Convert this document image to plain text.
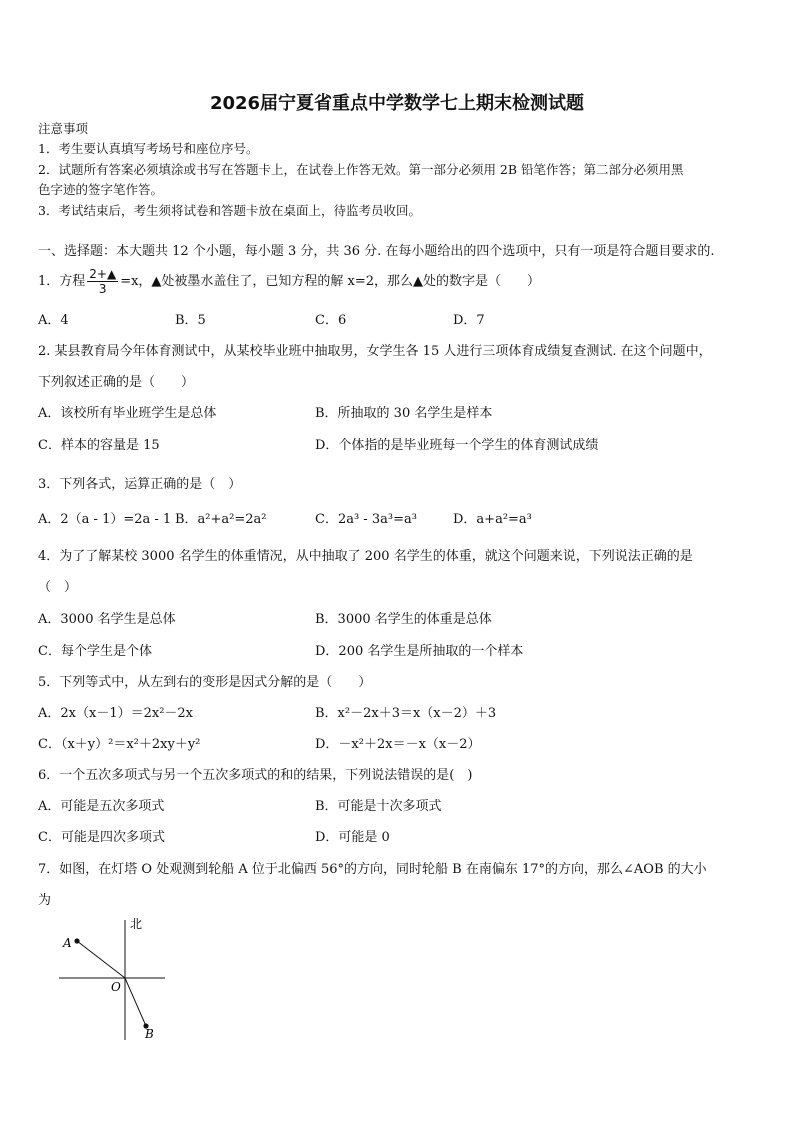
2026届宁夏省重点中学数学七上期末检测试题
注意事项
1．考生要认真填写考场号和座位序号。
2．试题所有答案必须填涂或书写在答题卡上，在试卷上作答无效。第一部分必须用 2B 铅笔作答；第二部分必须用黑
色字迹的签字笔作答。
3．考试结束后，考生须将试卷和答题卡放在桌面上，待监考员收回。
一、选择题：本大题共 12 个小题，每小题 3 分，共 36 分. 在每小题给出的四个选项中，只有一项是符合题目要求的.
1．方程 $\frac{2+▲}{3} =x$，▲处被墨水盖住了，已知方程的解 x=2，那么▲处的数字是（　　）
A．4	B．5	C．6	D．7
2. 某县教育局今年体育测试中，从某校毕业班中抽取男，女学生各 15 人进行三项体育成绩复查测试. 在这个问题中，
下列叙述正确的是（　　）
A．该校所有毕业班学生是总体	B．所抽取的 30 名学生是样本
C．样本的容量是 15	D．个体指的是毕业班每一个学生的体育测试成绩
3．下列各式，运算正确的是（　）
A．2（a - 1）=2a - 1 B．a²+a²=2a²	C．2a³ - 3a³=a³	D．a+a²=a³
4．为了了解某校 3000 名学生的体重情况，从中抽取了 200 名学生的体重，就这个问题来说，下列说法正确的是
（　）
A．3000 名学生是总体	B．3000 名学生的体重是总体
C．每个学生是个体	D．200 名学生是所抽取的一个样本
5．下列等式中，从左到右的变形是因式分解的是（　　）
A．2x（x－1）＝2x²－2x	B．x²－2x＋3＝x（x－2）＋3
C．（x＋y）²＝x²＋2xy＋y²	D．－x²＋2x＝－x（x－2）
6．一个五次多项式与另一个五次多项式的和的结果，下列说法错误的是(　)
A．可能是五次多项式	B．可能是十次多项式
C．可能是四次多项式	D．可能是 0
7．如图，在灯塔 O 处观测到轮船 A 位于北偏西 56°的方向，同时轮船 B 在南偏东 17°的方向，那么∠AOB 的大小
为
北
A
O
B
